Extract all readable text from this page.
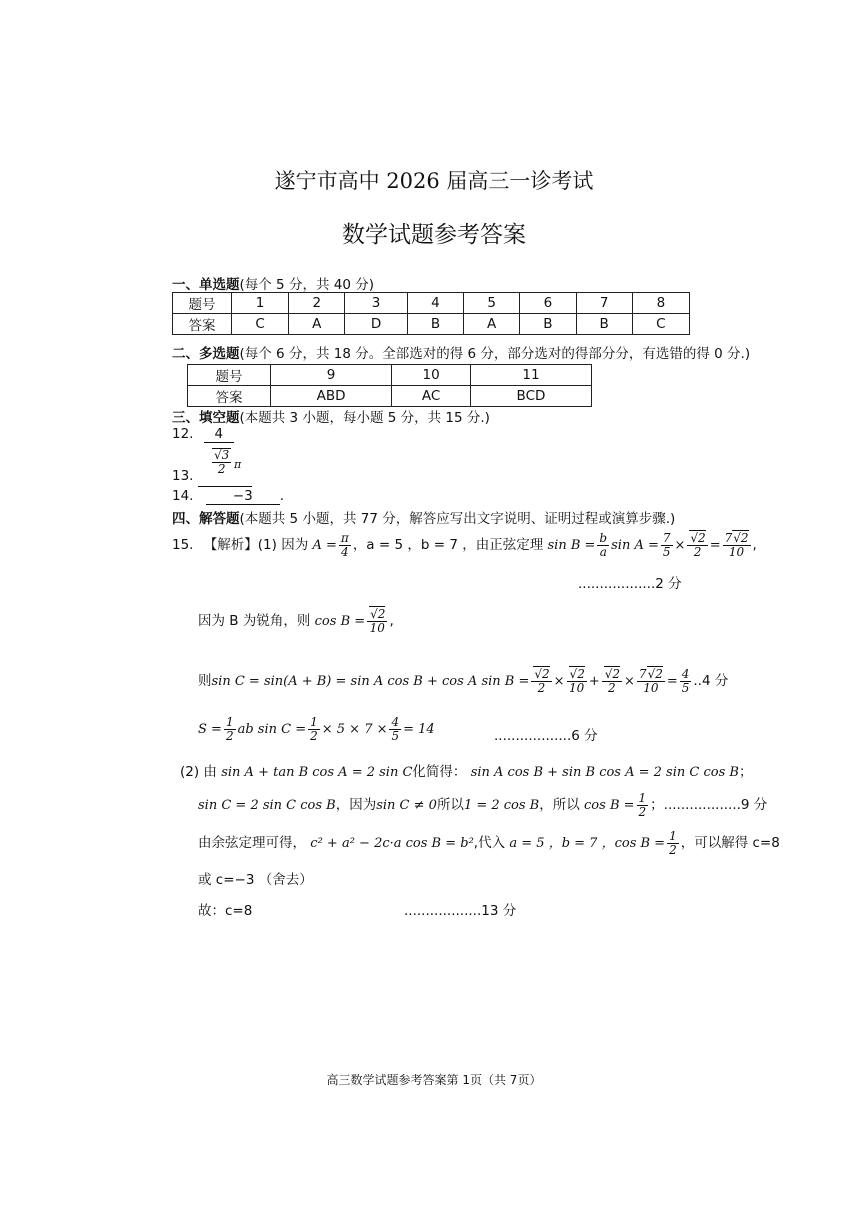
遂宁市高中 2026 届高三一诊考试
数学试题参考答案
一、单选题(每个 5 分，共 40 分)
题号	1	2	3	4	5	6	7	8
答案	C	A	D	B	A	B	B	C
二、多选题(每个 6 分，共 18 分。全部选对的得 6 分，部分选对的得部分分，有选错的得 0 分.)
题号	9	10	11
答案	ABD	AC	BCD
三、填空题(本题共 3 小题，每小题 5 分，共 15 分.)
12. 4
13.
$\frac{√3}{2}$ π
14.	−3 .
四、解答题(本题共 5 小题，共 77 分，解答应写出文字说明、证明过程或演算步骤.)
15. 【解析】(1) 因为 $A = \frac{\pi}{4}$ ，a = 5 ，b = 7 ，由正弦定理 $\sin B = \frac{b}{a}$ $\sin A = \frac{7}{5} \times \frac{√2}{2} = \frac{7√2}{10}$ ,
..................2 分
因为 B 为锐角，则 $\cos B = \frac{√2}{10}$ ,
则sin C = sin(A + B) = sin A cos B + cos A $\sin B = \frac{√2}{2} \times \frac{√2}{10} + \frac{√2}{2} \times \frac{7√2}{10} = \frac{4}{5} ..4$ 分
$S = \frac{1}{2}$ ab $\sin C = \frac{1}{2} \times 5 \times 7 \times \frac{4}{5} = 14$	..................6 分
(2) 由 sin A + tan B cos A = 2 sin C化简得： sin A cos B + sin B cos A = 2 sin C cos B；
sin C = 2 sin C cos B，因为sin C ≠ 0所以1 = 2 cos B，所以 $\cos B = \frac{1}{2}$ ；..................9 分
由余弦定理可得， c² + a² − 2c·a cos B = b²,代入 a = 5 ，b = 7 ，$\cos B = \frac{1}{2}$ ，可以解得 c=8
或 c=−3 （舍去）
故：c=8	..................13 分
高三数学试题参考答案第 1页（共 7页）
